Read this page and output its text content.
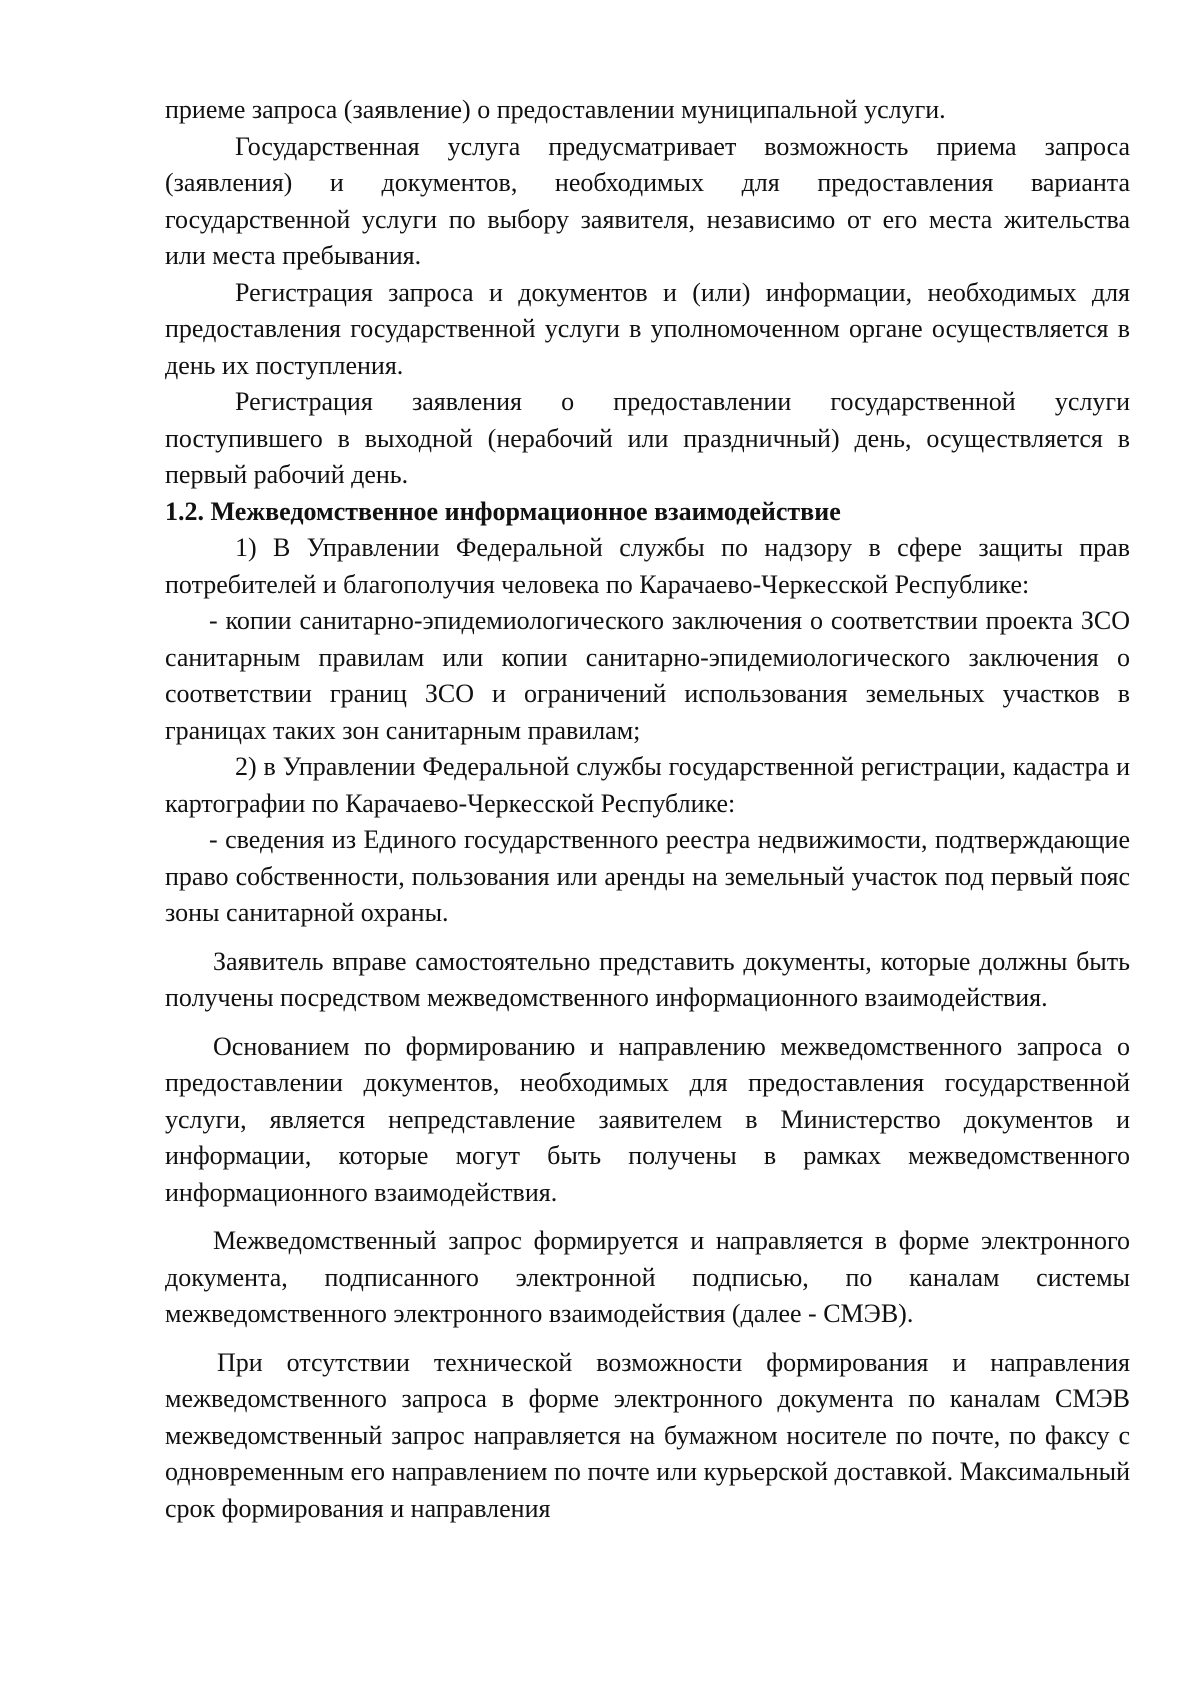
приеме запроса (заявление) о предоставлении муниципальной услуги.

Государственная услуга предусматривает возможность приема запроса (заявления) и документов, необходимых для предоставления варианта государственной услуги по выбору заявителя, независимо от его места жительства или места пребывания.

Регистрация запроса и документов и (или) информации, необходимых для предоставления государственной услуги в уполномоченном органе осуществляется в день их поступления.

Регистрация заявления о предоставлении государственной услуги поступившего в выходной (нерабочий или праздничный) день, осуществляется в первый рабочий день.

1.2. Межведомственное информационное взаимодействие

1) В Управлении Федеральной службы по надзору в сфере защиты прав потребителей и благополучия человека по Карачаево-Черкесской Республике:

- копии санитарно-эпидемиологического заключения о соответствии проекта ЗСО санитарным правилам или копии санитарно-эпидемиологического заключения о соответствии границ ЗСО и ограничений использования земельных участков в границах таких зон санитарным правилам;

2) в Управлении Федеральной службы государственной регистрации, кадастра и картографии по Карачаево-Черкесской Республике:

- сведения из Единого государственного реестра недвижимости, подтверждающие право собственности, пользования или аренды на земельный участок под первый пояс зоны санитарной охраны.

Заявитель вправе самостоятельно представить документы, которые должны быть получены посредством межведомственного информационного взаимодействия.

Основанием по формированию и направлению межведомственного запроса о предоставлении документов, необходимых для предоставления государственной услуги, является непредставление заявителем в Министерство документов и информации, которые могут быть получены в рамках межведомственного информационного взаимодействия.

Межведомственный запрос формируется и направляется в форме электронного документа, подписанного электронной подписью, по каналам системы межведомственного электронного взаимодействия (далее - СМЭВ).

При отсутствии технической возможности формирования и направления межведомственного запроса в форме электронного документа по каналам СМЭВ межведомственный запрос направляется на бумажном носителе по почте, по факсу с одновременным его направлением по почте или курьерской доставкой. Максимальный срок формирования и направления
